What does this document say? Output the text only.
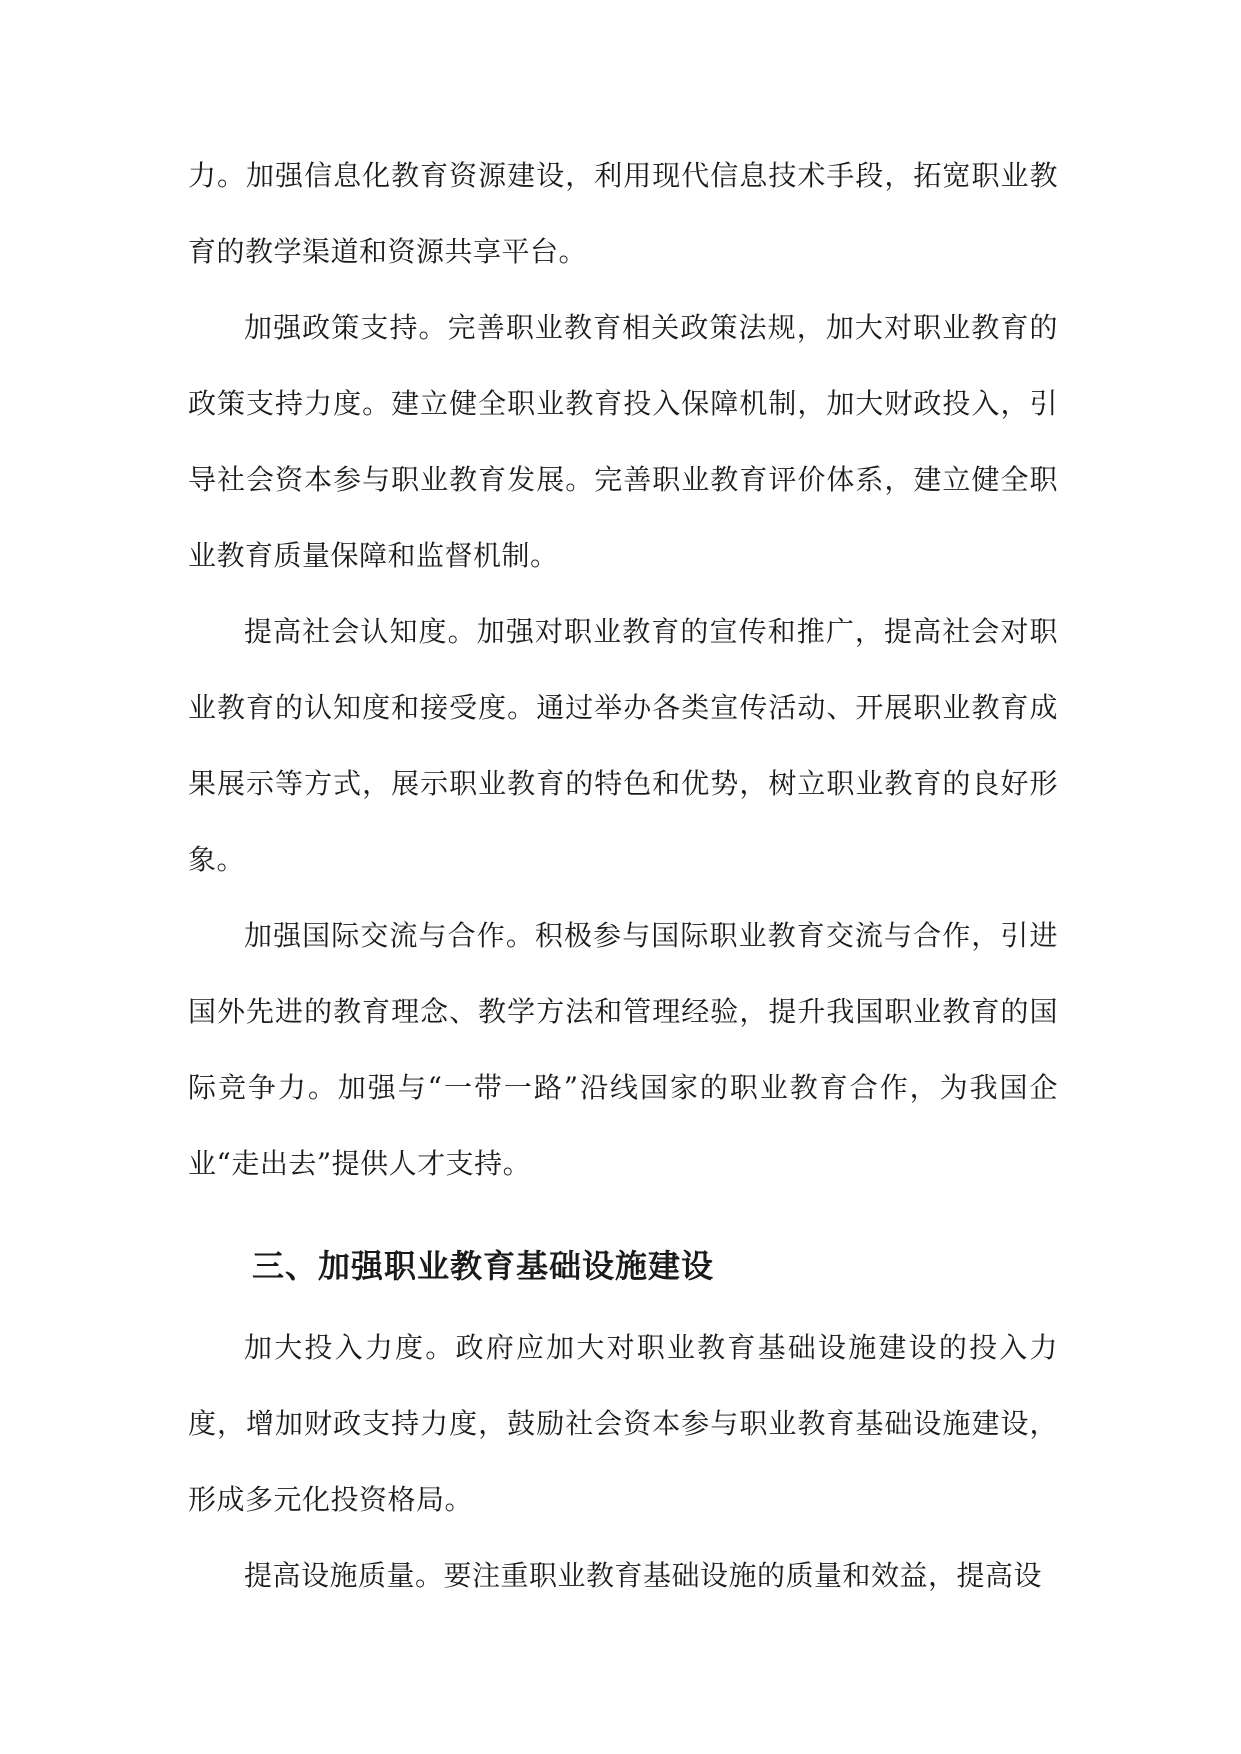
力。加强信息化教育资源建设，利用现代信息技术手段，拓宽职业教育的教学渠道和资源共享平台。

加强政策支持。完善职业教育相关政策法规，加大对职业教育的政策支持力度。建立健全职业教育投入保障机制，加大财政投入，引导社会资本参与职业教育发展。完善职业教育评价体系，建立健全职业教育质量保障和监督机制。

提高社会认知度。加强对职业教育的宣传和推广，提高社会对职业教育的认知度和接受度。通过举办各类宣传活动、开展职业教育成果展示等方式，展示职业教育的特色和优势，树立职业教育的良好形象。

加强国际交流与合作。积极参与国际职业教育交流与合作，引进国外先进的教育理念、教学方法和管理经验，提升我国职业教育的国际竞争力。加强与“一带一路”沿线国家的职业教育合作，为我国企业“走出去”提供人才支持。

三、加强职业教育基础设施建设

加大投入力度。政府应加大对职业教育基础设施建设的投入力度，增加财政支持力度，鼓励社会资本参与职业教育基础设施建设，形成多元化投资格局。

提高设施质量。要注重职业教育基础设施的质量和效益，提高设
